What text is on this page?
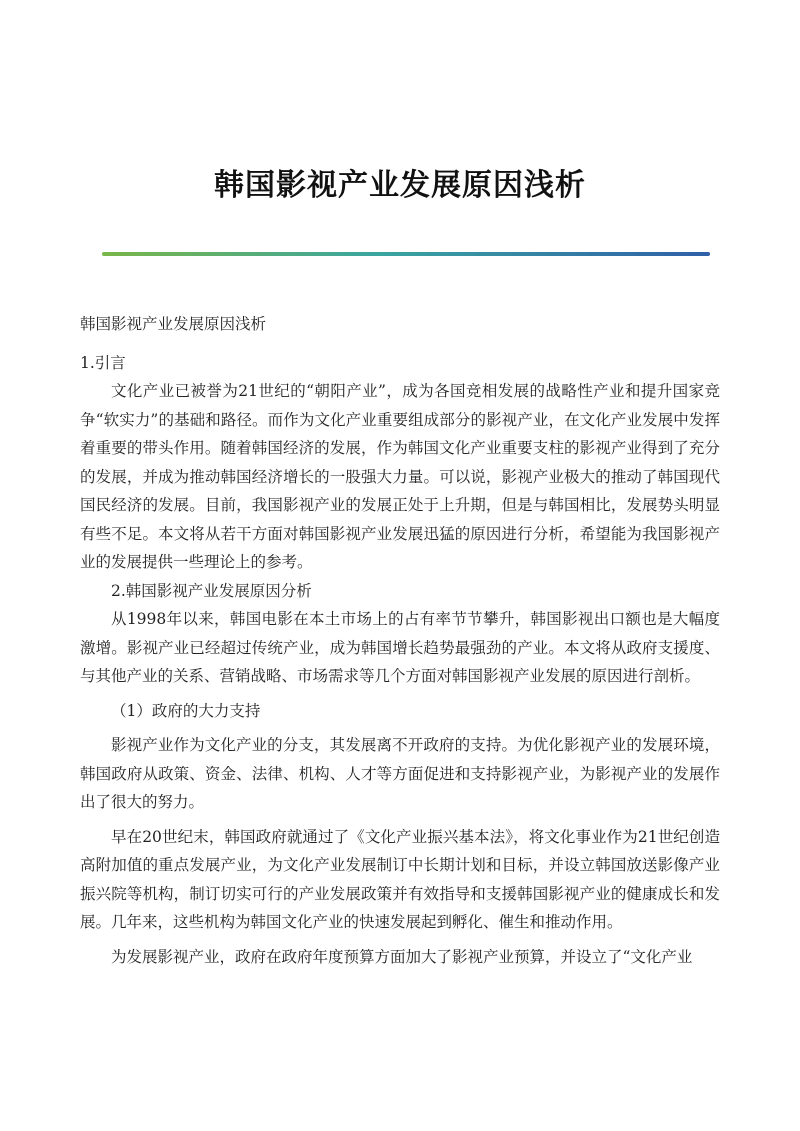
韩国影视产业发展原因浅析

韩国影视产业发展原因浅析

1.引言

文化产业已被誉为21世纪的“朝阳产业”，成为各国竞相发展的战略性产业和提升国家竞争“软实力”的基础和路径。而作为文化产业重要组成部分的影视产业，在文化产业发展中发挥着重要的带头作用。随着韩国经济的发展，作为韩国文化产业重要支柱的影视产业得到了充分的发展，并成为推动韩国经济增长的一股强大力量。可以说，影视产业极大的推动了韩国现代国民经济的发展。目前，我国影视产业的发展正处于上升期，但是与韩国相比，发展势头明显有些不足。本文将从若干方面对韩国影视产业发展迅猛的原因进行分析，希望能为我国影视产业的发展提供一些理论上的参考。

2.韩国影视产业发展原因分析

从1998年以来，韩国电影在本土市场上的占有率节节攀升，韩国影视出口额也是大幅度激增。影视产业已经超过传统产业，成为韩国增长趋势最强劲的产业。本文将从政府支援度、与其他产业的关系、营销战略、市场需求等几个方面对韩国影视产业发展的原因进行剖析。

（1）政府的大力支持

影视产业作为文化产业的分支，其发展离不开政府的支持。为优化影视产业的发展环境，韩国政府从政策、资金、法律、机构、人才等方面促进和支持影视产业，为影视产业的发展作出了很大的努力。

早在20世纪末，韩国政府就通过了《文化产业振兴基本法》，将文化事业作为21世纪创造高附加值的重点发展产业，为文化产业发展制订中长期计划和目标，并设立韩国放送影像产业振兴院等机构，制订切实可行的产业发展政策并有效指导和支援韩国影视产业的健康成长和发展。几年来，这些机构为韩国文化产业的快速发展起到孵化、催生和推动作用。

为发展影视产业，政府在政府年度预算方面加大了影视产业预算，并设立了“文化产业
